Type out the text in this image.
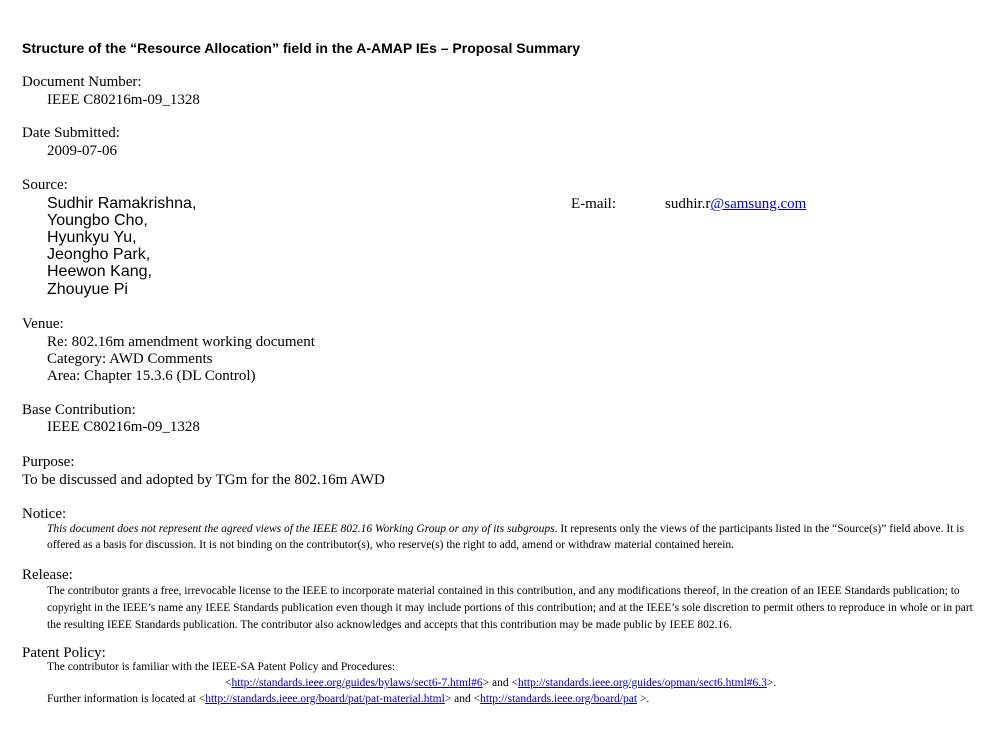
Structure of the “Resource Allocation” field in the A-AMAP IEs – Proposal Summary
Document Number:
IEEE C80216m-09_1328
Date Submitted:
2009-07-06
Source:
Sudhir Ramakrishna,
Youngbo Cho,
Hyunkyu Yu,
Jeongho Park,
Heewon Kang,
Zhouyue Pi
E-mail:	sudhir.r@samsung.com
Venue:
Re: 802.16m amendment working document
Category: AWD Comments
Area: Chapter 15.3.6 (DL Control)
Base Contribution:
IEEE C80216m-09_1328
Purpose:
To be discussed and adopted by TGm for the 802.16m AWD
Notice:
This document does not represent the agreed views of the IEEE 802.16 Working Group or any of its subgroups. It represents only the views of the participants listed in the “Source(s)” field above. It is offered as a basis for discussion. It is not binding on the contributor(s), who reserve(s) the right to add, amend or withdraw material contained herein.
Release:
The contributor grants a free, irrevocable license to the IEEE to incorporate material contained in this contribution, and any modifications thereof, in the creation of an IEEE Standards publication; to copyright in the IEEE’s name any IEEE Standards publication even though it may include portions of this contribution; and at the IEEE’s sole discretion to permit others to reproduce in whole or in part the resulting IEEE Standards publication. The contributor also acknowledges and accepts that this contribution may be made public by IEEE 802.16.
Patent Policy:
The contributor is familiar with the IEEE-SA Patent Policy and Procedures:
<http://standards.ieee.org/guides/bylaws/sect6-7.html#6> and <http://standards.ieee.org/guides/opman/sect6.html#6.3>.
Further information is located at <http://standards.ieee.org/board/pat/pat-material.html> and <http://standards.ieee.org/board/pat >.
